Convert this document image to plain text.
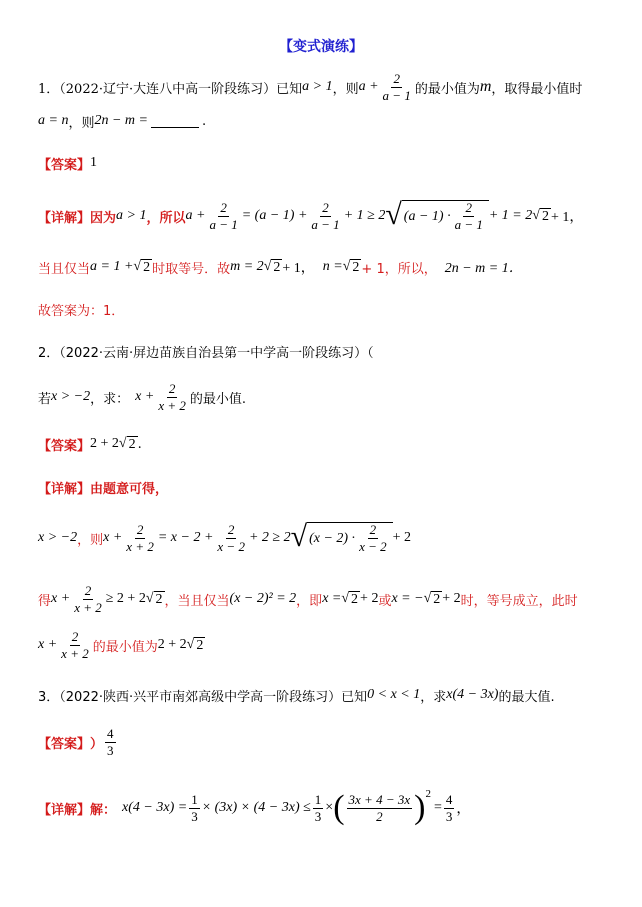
【变式演练】
1．（2022·辽宁·大连八中高一阶段练习）已知 a > 1 ，则 $a + \frac{2}{a - 1}$ 的最小值为 m ，取得最小值时
a = n ，则 2n − m =	.
【答案】 1
【详解】 因为 a > 1 ，所以 $a + \frac{2}{a - 1} = (a - 1) + \frac{2}{a - 1} + 1 \ge 2$ √ $(a - 1) \cdot \frac{2}{a - 1} + 1 = 2$ √ 2 + 1，
当且仅当 a = 1 + √ 2 时取等号．故 m = 2 √ 2 + 1， n = √ 2 + 1，所以， 2n − m = 1．
故答案为：1．
2．（2022·云南·屏边苗族自治县第一中学高一阶段练习）（
若 x > −2 ，求： $x + \frac{2}{x + 2}$ 的最小值.
【答案】 2 + 2 √ 2 .
【详解】 由题意可得，
x > −2 ，则 $x + \frac{2}{x + 2} = x - 2 + \frac{2}{x - 2} + 2 \ge 2$ √ $(x - 2) \cdot \frac{2}{x - 2} + 2$
得 $x + \frac{2}{x + 2} \ge 2 + 2$ √ 2 ，当且仅当 (x − 2)² = 2 ，即 x = √ 2 + 2 或 x = − √ 2 + 2 时，等号成立，此时
$x + \frac{2}{x + 2}$ 的最小值为 2 + 2 √ 2
3．（2022·陕西·兴平市南郊高级中学高一阶段练习）已知 0 < x < 1 ，求 x(4 − 3x) 的最大值.
【答案】 ） $\frac{4}{3}$
【详解】 解： $x(4 - 3x) = \frac{1}{3} \times (3x) \times (4 - 3x) \le \frac{1}{3}$ × ( $\frac{3x + 4 - 3x}{2} )^2$
= $\frac{4}{3}$ ，
